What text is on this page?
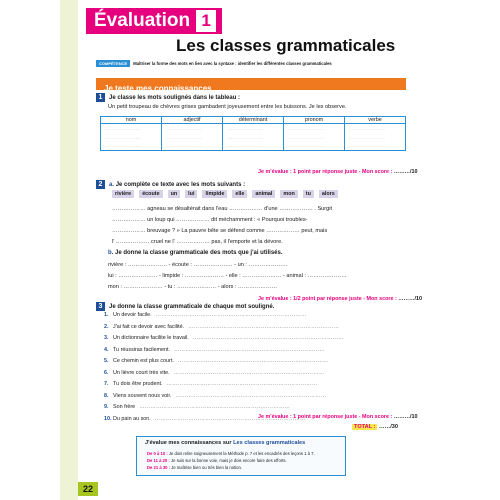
Évaluation 1
Les classes grammaticales
COMPÉTENCE	Maîtriser la forme des mots en lien avec la syntaxe : identifier les différentes classes grammaticales
Je teste mes connaissances
1 Je classe les mots soulignés dans le tableau :
Un petit troupeau de chèvres grises gambadent joyeusement entre les buissons. Je les observe.
nom	adjectif	déterminant	pronom	verbe
………………………	………………………	………………………	………………………	………………………
………………………	………………………	………………………	………………………	………………………
………………………	………………………	………………………	………………………	………………………
Je m'évalue : 1 point par réponse juste - Mon score : ………/10
2 a. Je complète ce texte avec les mots suivants :
rivière	écoute	un	lui	limpide	elle	animal	mon	tu	alors
……………… agneau se désaltérait dans l'eau ……………… d'une ……………… . Surgit
……………… un loup qui ……………… dit méchamment : « Pourquoi troubles-
……………… breuvage ? » La pauvre bête se défend comme ……………… peut, mais
l' ……………… cruel ne l' ……………… pas, il l'emporte et la dévore.
b. Je donne la classe grammaticale des mots que j'ai utilisés.
rivière : ………………… - écoute : ………………… - un : …………………
lui : ………………… - limpide : ………………… - elle : ………………… - animal : …………………
mon : ………………… - tu : ………………… - alors : …………………
Je m'évalue : 1/2 point par réponse juste - Mon score : ………/10
3 Je donne la classe grammaticale de chaque mot souligné.
1. Un devoir facile. ………………………………………………………………………
2. J'ai fait ce devoir avec facilité. ………………………………………………………………………
3. Un dictionnaire facilite le travail. ………………………………………………………………………
4. Tu réussiras facilement. ………………………………………………………………………
5. Ce chemin est plus court. ………………………………………………………………………
6. Un lièvre court très vite. ………………………………………………………………………
7. Tu dois être prudent. ………………………………………………………………………
8. Viens souvent nous voir. ………………………………………………………………………
9. Son frère ………………………………………………………………………
10. Du pain au son. ………………………………………………………………………
Je m'évalue : 1 point par réponse juste - Mon score : ………/10
TOTAL : ……/30
J'évalue mes connaissances sur Les classes grammaticales
De 0 à 10 : Je dois relire soigneusement la Méthode p. 7 et les encadrés des leçons 1 à 7.
De 11 à 20 : Je suis sur la bonne voie, mais je dois encore faire des efforts.
De 21 à 30 : Je maîtrise bien ou très bien la notion.
22
